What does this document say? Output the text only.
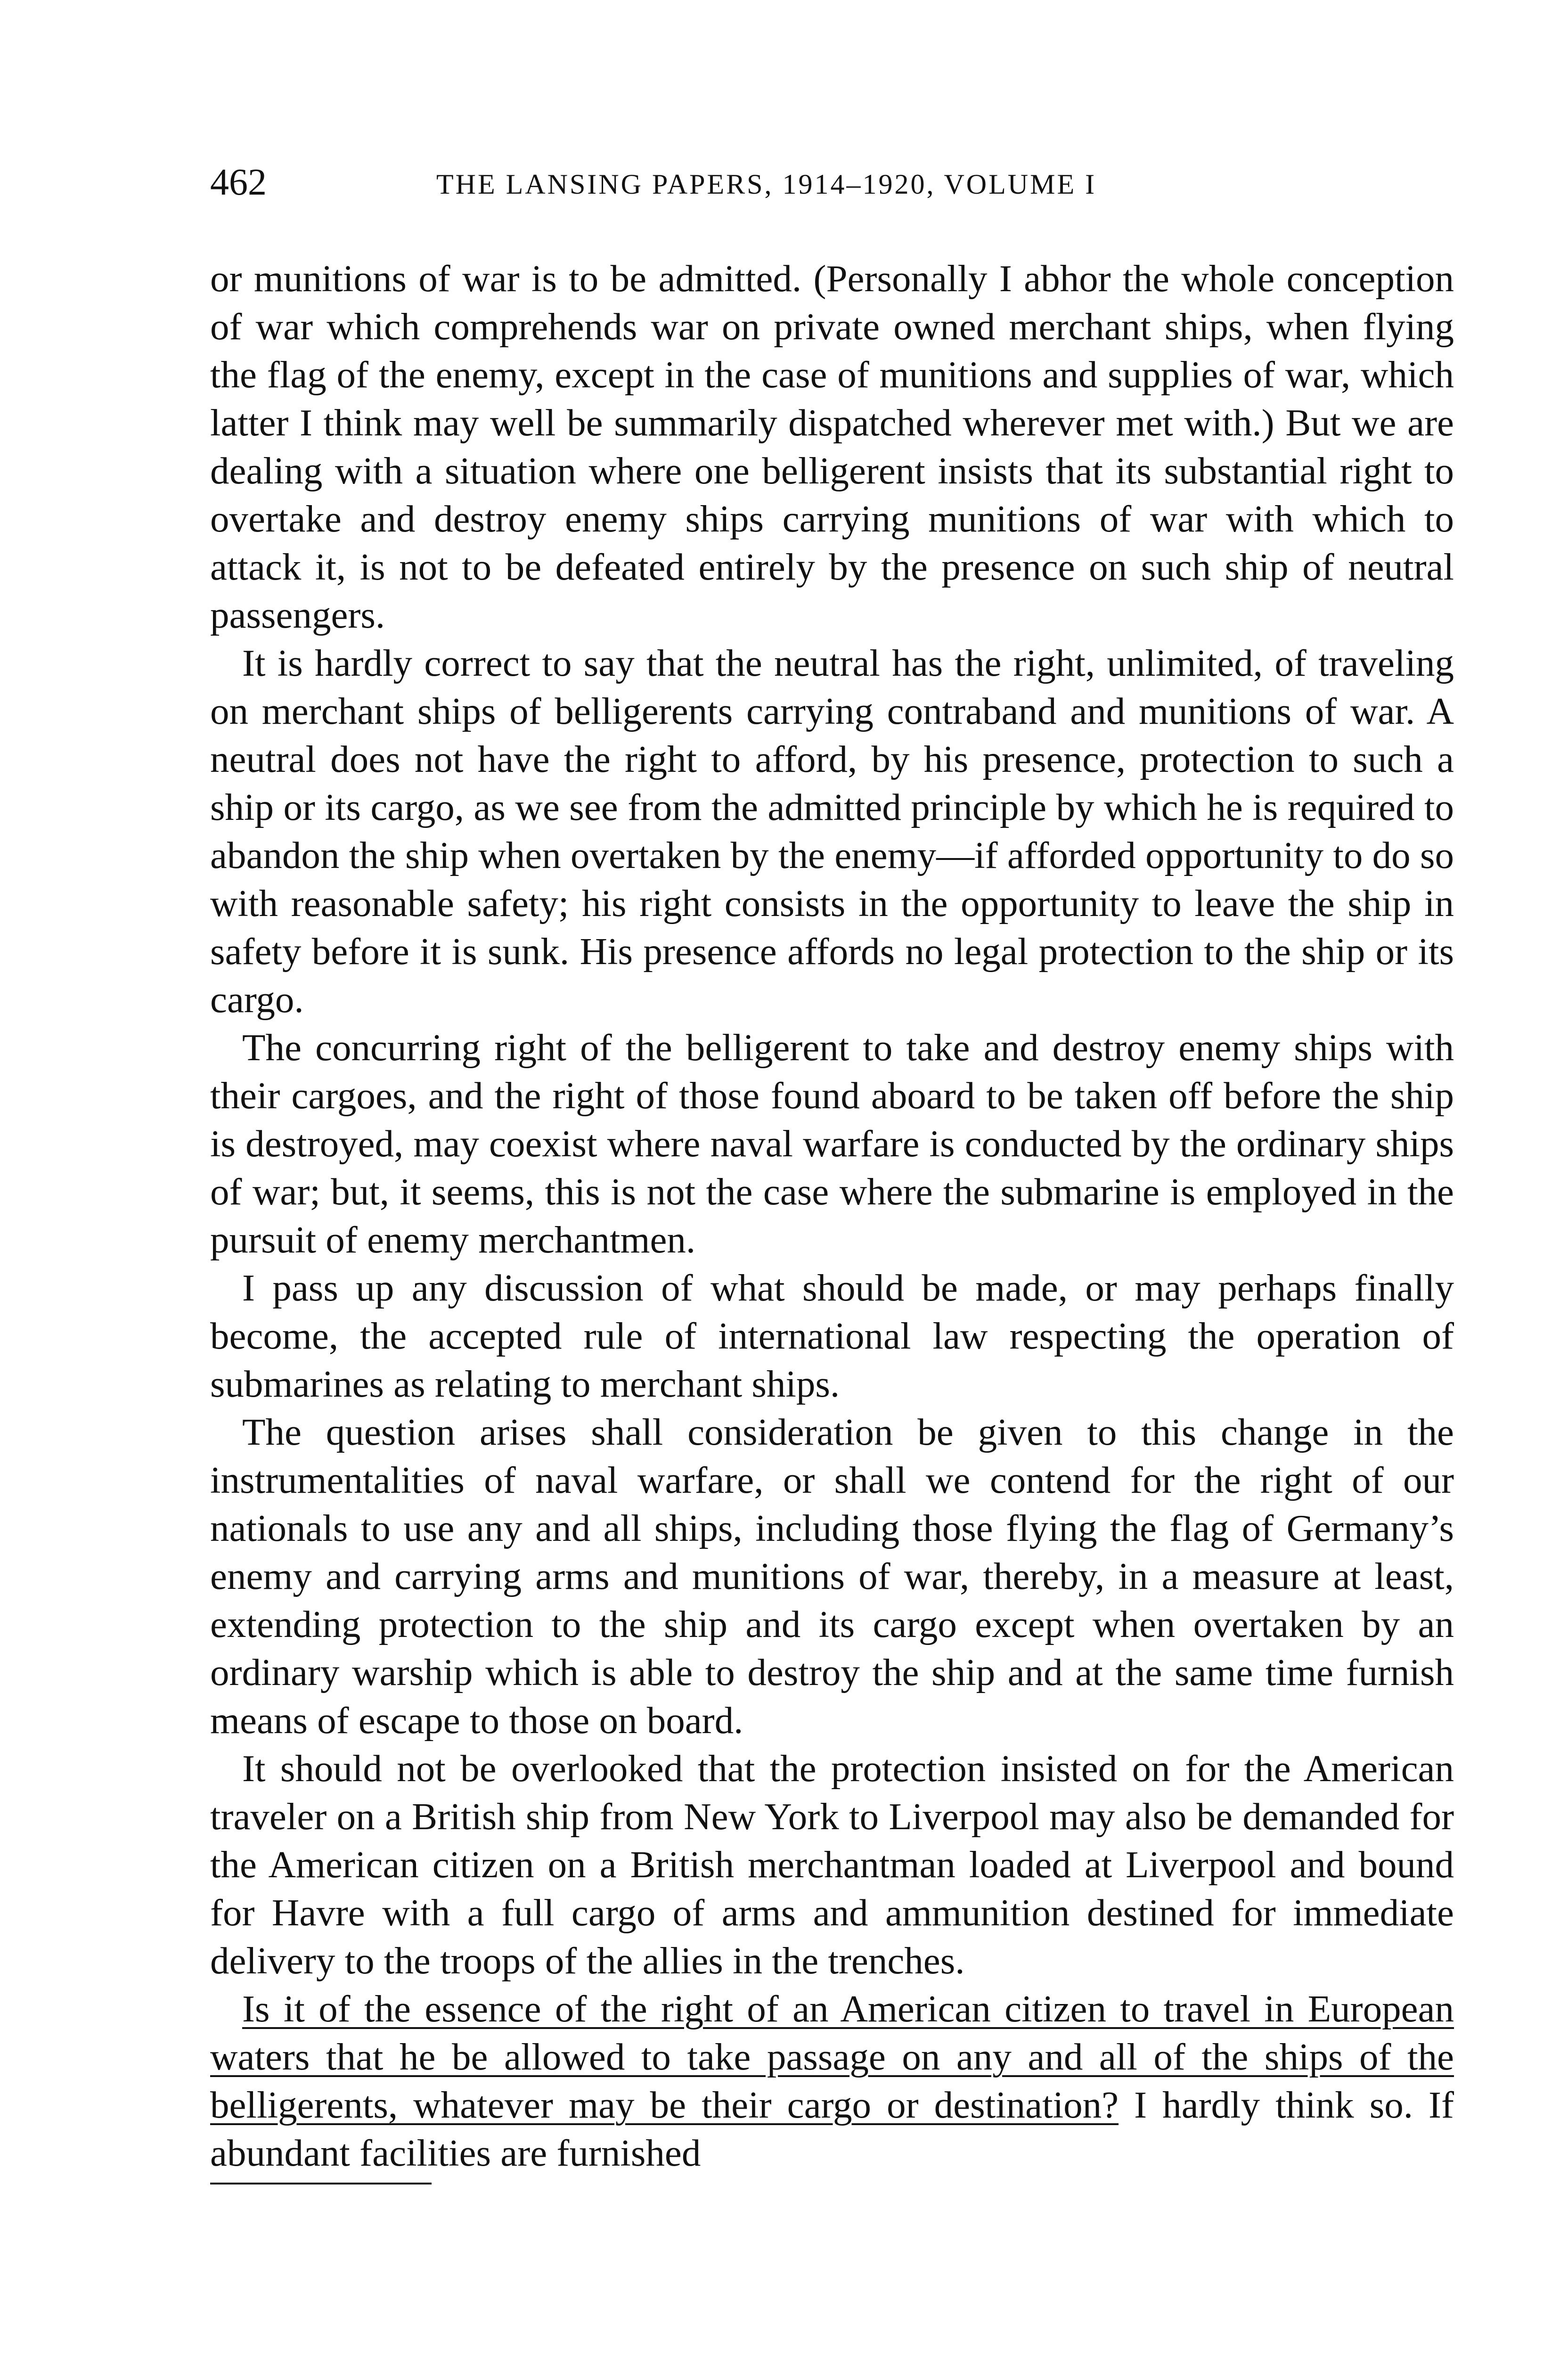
462	THE LANSING PAPERS, 1914–1920, VOLUME I

or munitions of war is to be admitted. (Personally I abhor the whole conception of war which comprehends war on private owned merchant ships, when flying the flag of the enemy, except in the case of munitions and supplies of war, which latter I think may well be summarily dispatched wherever met with.) But we are dealing with a situation where one belligerent insists that its substantial right to overtake and destroy enemy ships carrying munitions of war with which to attack it, is not to be defeated entirely by the presence on such ship of neutral passengers.

It is hardly correct to say that the neutral has the right, unlimited, of traveling on merchant ships of belligerents carrying contraband and munitions of war. A neutral does not have the right to afford, by his presence, protection to such a ship or its cargo, as we see from the admitted principle by which he is required to abandon the ship when overtaken by the enemy—if afforded opportunity to do so with reasonable safety; his right consists in the opportunity to leave the ship in safety before it is sunk. His presence affords no legal protection to the ship or its cargo.

The concurring right of the belligerent to take and destroy enemy ships with their cargoes, and the right of those found aboard to be taken off before the ship is destroyed, may coexist where naval warfare is conducted by the ordinary ships of war; but, it seems, this is not the case where the submarine is employed in the pursuit of enemy merchantmen.

I pass up any discussion of what should be made, or may perhaps finally become, the accepted rule of international law respecting the operation of submarines as relating to merchant ships.

The question arises shall consideration be given to this change in the instrumentalities of naval warfare, or shall we contend for the right of our nationals to use any and all ships, including those flying the flag of Germany’s enemy and carrying arms and munitions of war, thereby, in a measure at least, extending protection to the ship and its cargo except when overtaken by an ordinary warship which is able to destroy the ship and at the same time furnish means of escape to those on board.

It should not be overlooked that the protection insisted on for the American traveler on a British ship from New York to Liverpool may also be demanded for the American citizen on a British merchantman loaded at Liverpool and bound for Havre with a full cargo of arms and ammunition destined for immediate delivery to the troops of the allies in the trenches.

Is it of the essence of the right of an American citizen to travel in European waters that he be allowed to take passage on any and all of the ships of the belligerents, whatever may be their cargo or destination? I hardly think so. If abundant facilities are furnished
